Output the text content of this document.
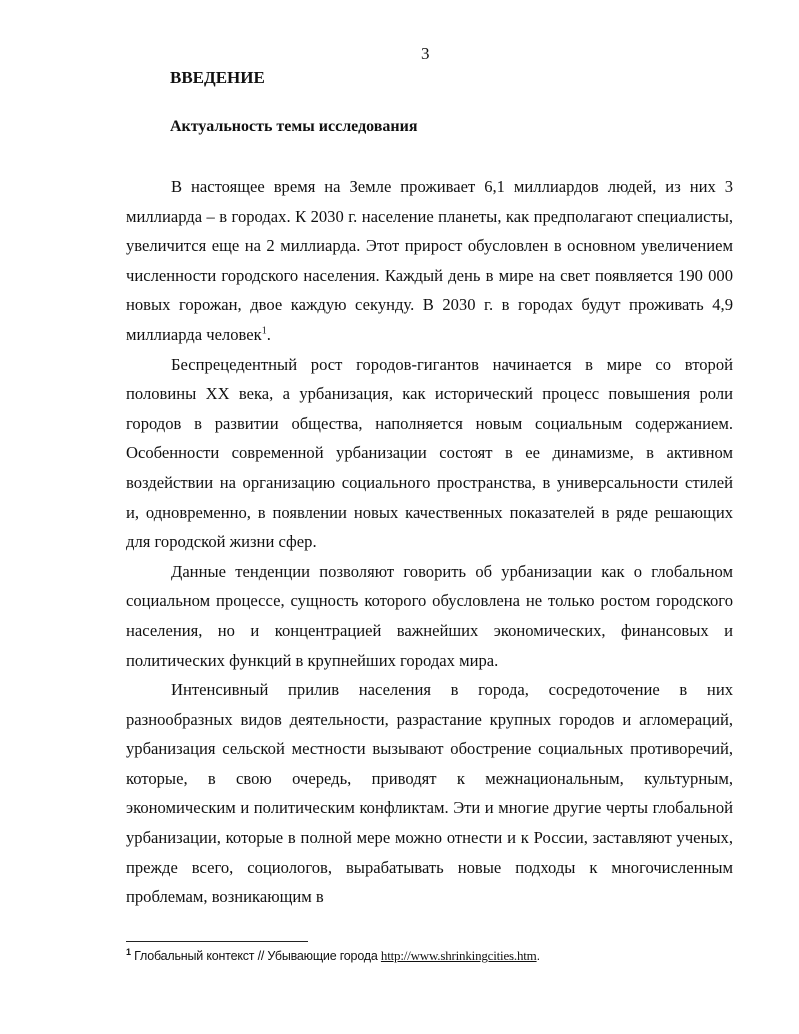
3
ВВЕДЕНИЕ
Актуальность темы исследования

В настоящее время на Земле проживает 6,1 миллиардов людей, из них 3 миллиарда – в городах. К 2030 г. население планеты, как предполагают специалисты, увеличится еще на 2 миллиарда. Этот прирост обусловлен в основном увеличением численности городского населения. Каждый день в мире на свет появляется 190 000 новых горожан, двое каждую секунду. В 2030 г. в городах будут проживать 4,9 миллиарда человек$^1$.

Беспрецедентный рост городов-гигантов начинается в мире со второй половины XX века, а урбанизация, как исторический процесс повышения роли городов в развитии общества, наполняется новым социальным содержанием. Особенности современной урбанизации состоят в ее динамизме, в активном воздействии на организацию социального пространства, в универсальности стилей и, одновременно, в появлении новых качественных показателей в ряде решающих для городской жизни сфер.

Данные тенденции позволяют говорить об урбанизации как о глобальном социальном процессе, сущность которого обусловлена не только ростом городского населения, но и концентрацией важнейших экономических, финансовых и политических функций в крупнейших городах мира.

Интенсивный прилив населения в города, сосредоточение в них разнообразных видов деятельности, разрастание крупных городов и агломераций, урбанизация сельской местности вызывают обострение социальных противоречий, которые, в свою очередь, приводят к межнациональным, культурным, экономическим и политическим конфликтам. Эти и многие другие черты глобальной урбанизации, которые в полной мере можно отнести и к России, заставляют ученых, прежде всего, социологов, вырабатывать новые подходы к многочисленным проблемам, возникающим в

$^1$ Глобальный контекст // Убывающие города http://www.shrinkingcities.htm.
